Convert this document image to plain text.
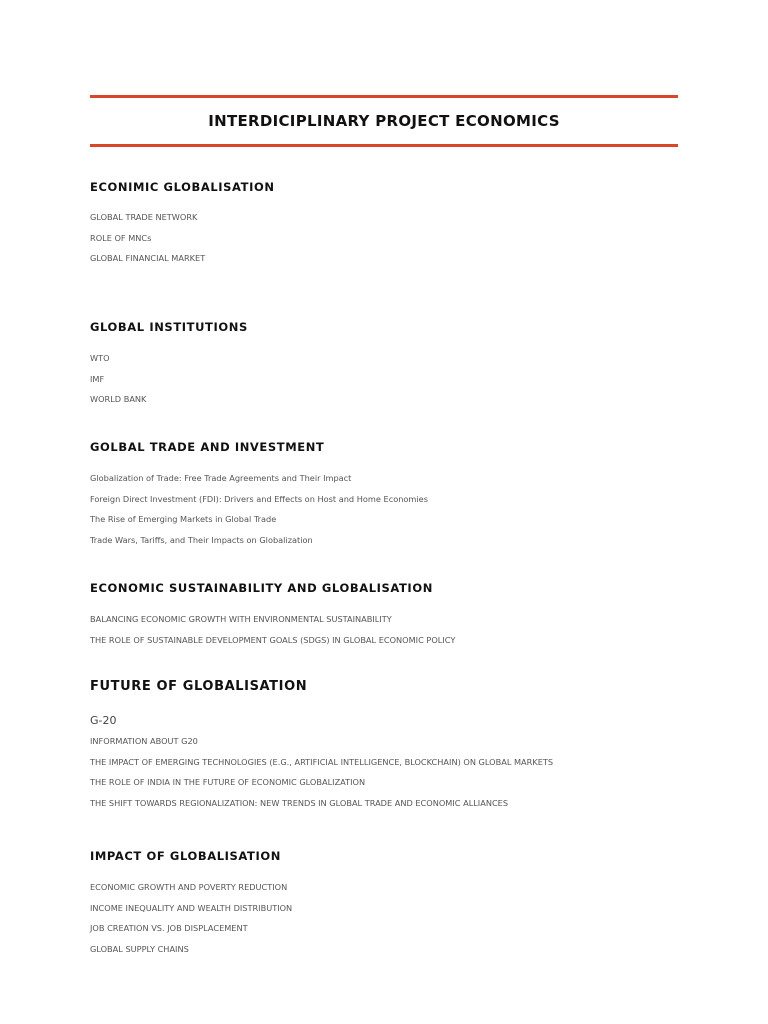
INTERDICIPLINARY PROJECT ECONOMICS
ECONIMIC GLOBALISATION
GLOBAL TRADE NETWORK
ROLE OF MNCs
GLOBAL FINANCIAL MARKET
GLOBAL INSTITUTIONS
WTO
IMF
WORLD BANK
GOLBAL TRADE AND INVESTMENT
Globalization of Trade: Free Trade Agreements and Their Impact
Foreign Direct Investment (FDI): Drivers and Effects on Host and Home Economies
The Rise of Emerging Markets in Global Trade
Trade Wars, Tariffs, and Their Impacts on Globalization
ECONOMIC SUSTAINABILITY AND GLOBALISATION
BALANCING ECONOMIC GROWTH WITH ENVIRONMENTAL SUSTAINABILITY
THE ROLE OF SUSTAINABLE DEVELOPMENT GOALS (SDGS) IN GLOBAL ECONOMIC POLICY
FUTURE OF GLOBALISATION
G-20
INFORMATION ABOUT G20
THE IMPACT OF EMERGING TECHNOLOGIES (E.G., ARTIFICIAL INTELLIGENCE, BLOCKCHAIN) ON GLOBAL MARKETS
THE ROLE OF INDIA IN THE FUTURE OF ECONOMIC GLOBALIZATION
THE SHIFT TOWARDS REGIONALIZATION: NEW TRENDS IN GLOBAL TRADE AND ECONOMIC ALLIANCES
IMPACT OF GLOBALISATION
ECONOMIC GROWTH AND POVERTY REDUCTION
INCOME INEQUALITY AND WEALTH DISTRIBUTION
JOB CREATION VS. JOB DISPLACEMENT
GLOBAL SUPPLY CHAINS
